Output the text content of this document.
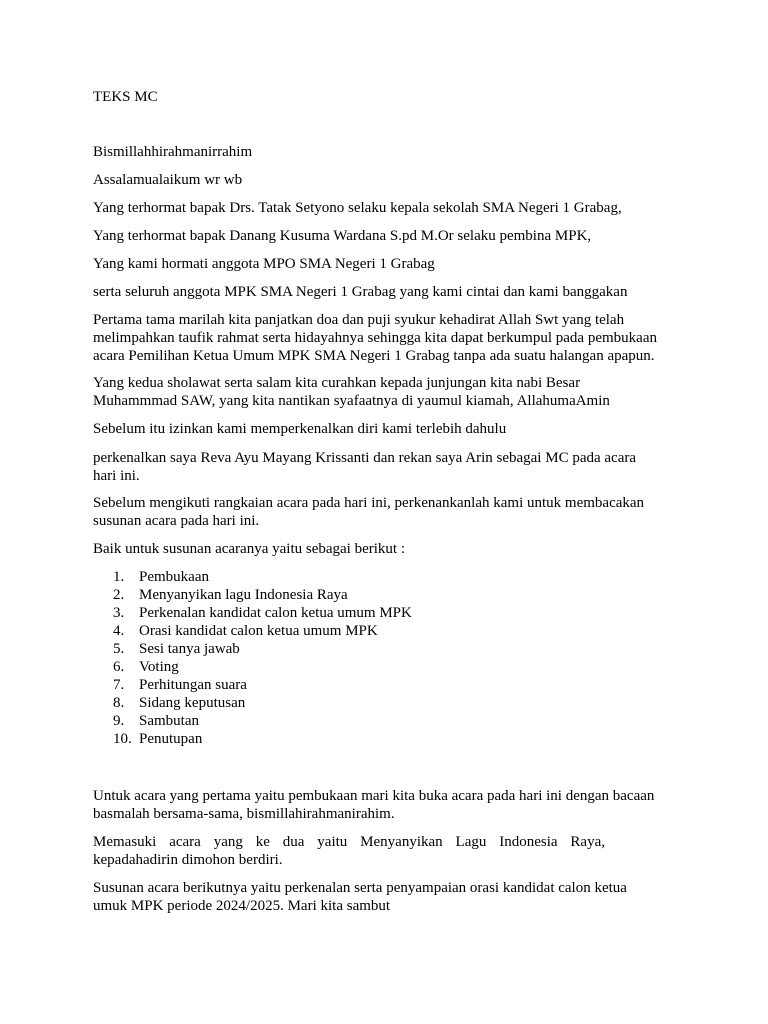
TEKS MC

Bismillahhirahmanirrahim

Assalamualaikum wr wb

Yang terhormat bapak Drs. Tatak Setyono selaku kepala sekolah SMA Negeri 1 Grabag,

Yang terhormat bapak Danang Kusuma Wardana S.pd M.Or selaku pembina MPK,

Yang kami hormati anggota MPO SMA Negeri 1 Grabag

serta seluruh anggota MPK SMA Negeri 1 Grabag yang kami cintai dan kami banggakan

Pertama tama marilah kita panjatkan doa dan puji syukur kehadirat Allah Swt yang telah melimpahkan taufik rahmat serta hidayahnya sehingga kita dapat berkumpul pada pembukaan acara Pemilihan Ketua Umum MPK SMA Negeri 1 Grabag tanpa ada suatu halangan apapun.

Yang kedua sholawat serta salam kita curahkan kepada junjungan kita nabi Besar Muhammmad SAW, yang kita nantikan syafaatnya di yaumul kiamah, AllahumaAmin

Sebelum itu izinkan kami memperkenalkan diri kami terlebih dahulu

perkenalkan saya Reva Ayu Mayang Krissanti dan rekan saya Arin sebagai MC pada acara hari ini.

Sebelum mengikuti rangkaian acara pada hari ini, perkenankanlah kami untuk membacakan susunan acara pada hari ini.

Baik untuk susunan acaranya yaitu sebagai berikut :

1. Pembukaan
2. Menyanyikan lagu Indonesia Raya
3. Perkenalan kandidat calon ketua umum MPK
4. Orasi kandidat calon ketua umum MPK
5. Sesi tanya jawab
6. Voting
7. Perhitungan suara
8. Sidang keputusan
9. Sambutan
10. Penutupan

Untuk acara yang pertama yaitu pembukaan mari kita buka acara pada hari ini dengan bacaan basmalah bersama-sama, bismillahirahmanirahim.

Memasuki acara yang ke dua yaitu Menyanyikan Lagu Indonesia Raya, kepadahadirin dimohon berdiri.

Susunan acara berikutnya yaitu perkenalan serta penyampaian orasi kandidat calon ketua umuk MPK periode 2024/2025. Mari kita sambut
